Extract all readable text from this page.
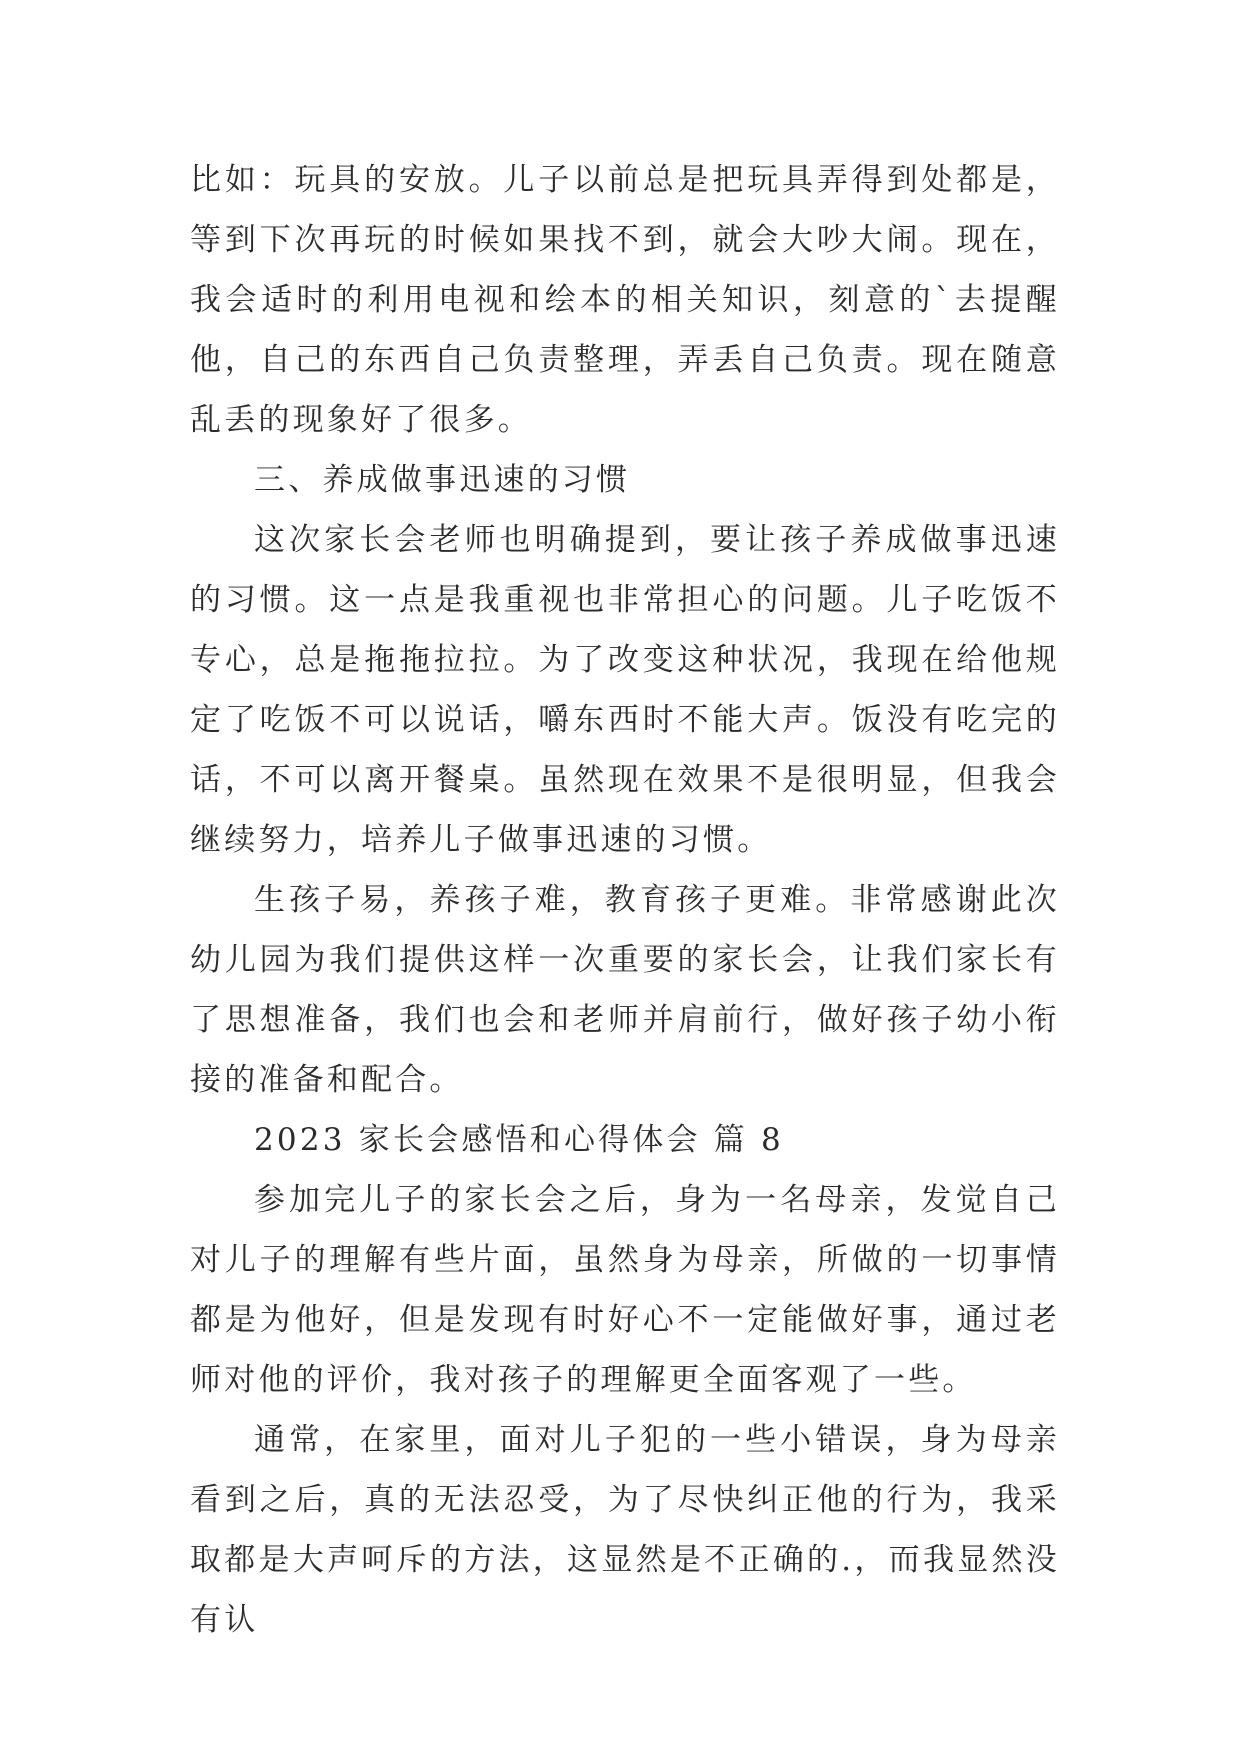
比如：玩具的安放。儿子以前总是把玩具弄得到处都是，等到下次再玩的时候如果找不到，就会大吵大闹。现在，我会适时的利用电视和绘本的相关知识，刻意的`去提醒他，自己的东西自己负责整理，弄丢自己负责。现在随意乱丢的现象好了很多。

三、养成做事迅速的习惯

这次家长会老师也明确提到，要让孩子养成做事迅速的习惯。这一点是我重视也非常担心的问题。儿子吃饭不专心，总是拖拖拉拉。为了改变这种状况，我现在给他规定了吃饭不可以说话，嚼东西时不能大声。饭没有吃完的话，不可以离开餐桌。虽然现在效果不是很明显，但我会继续努力，培养儿子做事迅速的习惯。

生孩子易，养孩子难，教育孩子更难。非常感谢此次幼儿园为我们提供这样一次重要的家长会，让我们家长有了思想准备，我们也会和老师并肩前行，做好孩子幼小衔接的准备和配合。

2023 家长会感悟和心得体会 篇 8

参加完儿子的家长会之后，身为一名母亲，发觉自己对儿子的理解有些片面，虽然身为母亲，所做的一切事情都是为他好，但是发现有时好心不一定能做好事，通过老师对他的评价，我对孩子的理解更全面客观了一些。

通常，在家里，面对儿子犯的一些小错误，身为母亲看到之后，真的无法忍受，为了尽快纠正他的行为，我采取都是大声呵斥的方法，这显然是不正确的.，而我显然没有认
